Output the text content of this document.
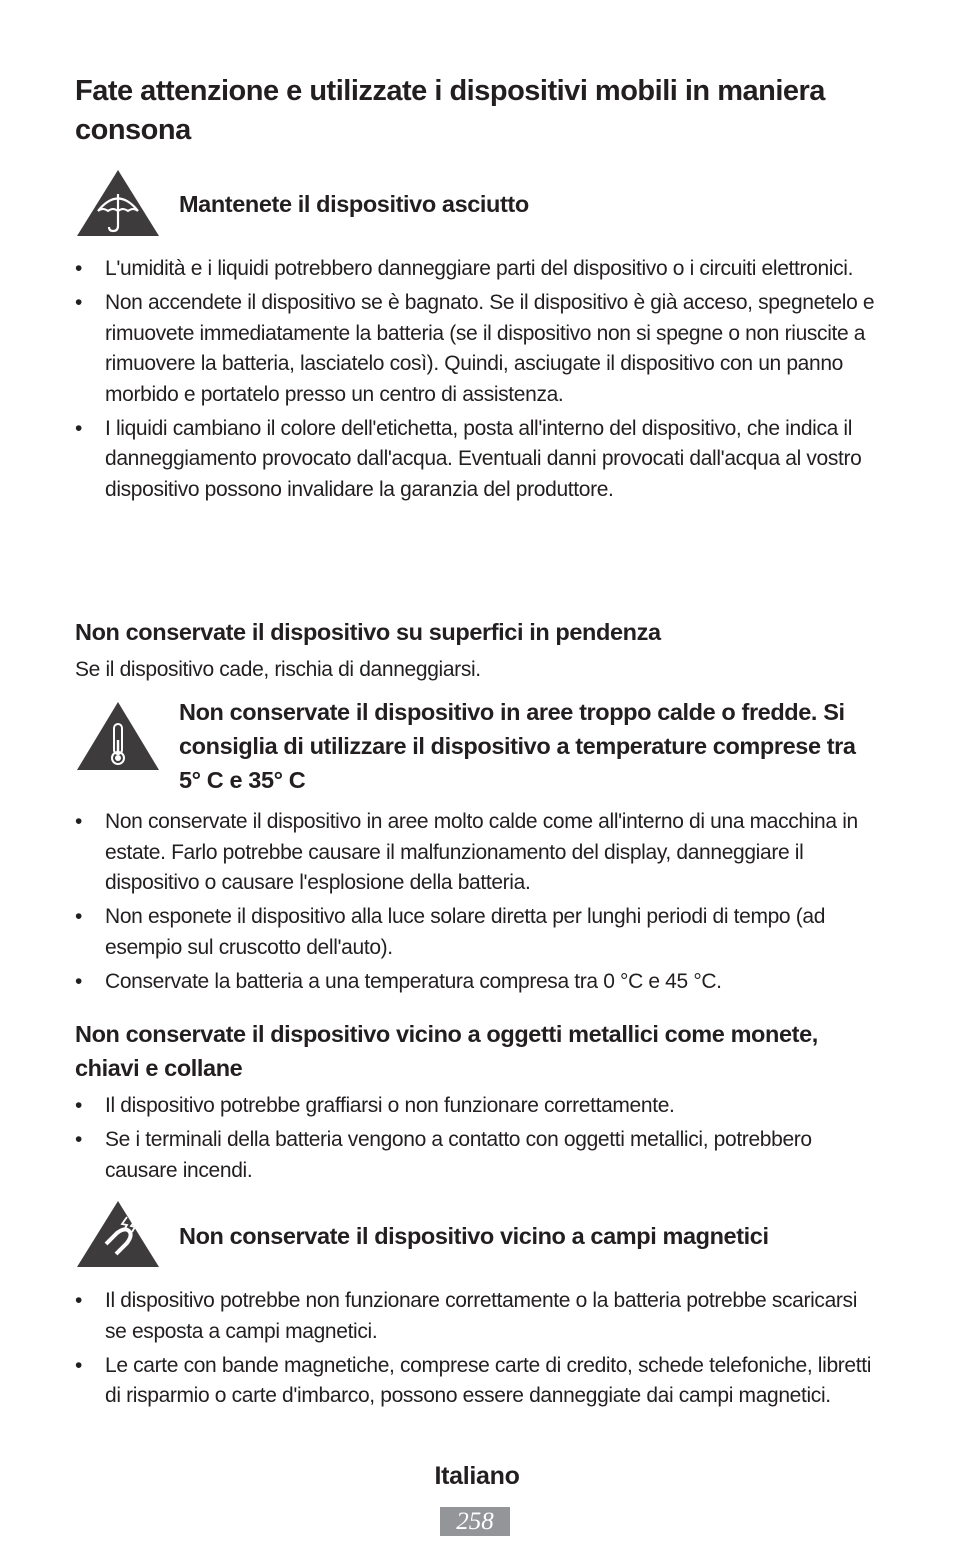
Fate attenzione e utilizzate i dispositivi mobili in maniera consona
Mantenete il dispositivo asciutto
• L'umidità e i liquidi potrebbero danneggiare parti del dispositivo o i circuiti elettronici.
• Non accendete il dispositivo se è bagnato. Se il dispositivo è già acceso, spegnetelo e rimuovete immediatamente la batteria (se il dispositivo non si spegne o non riuscite a rimuovere la batteria, lasciatelo così). Quindi, asciugate il dispositivo con un panno morbido e portatelo presso un centro di assistenza.
• I liquidi cambiano il colore dell'etichetta, posta all'interno del dispositivo, che indica il danneggiamento provocato dall'acqua. Eventuali danni provocati dall'acqua al vostro dispositivo possono invalidare la garanzia del produttore.
Non conservate il dispositivo su superfici in pendenza
Se il dispositivo cade, rischia di danneggiarsi.
Non conservate il dispositivo in aree troppo calde o fredde. Si consiglia di utilizzare il dispositivo a temperature comprese tra 5° C e 35° C
• Non conservate il dispositivo in aree molto calde come all'interno di una macchina in estate. Farlo potrebbe causare il malfunzionamento del display, danneggiare il dispositivo o causare l'esplosione della batteria.
• Non esponete il dispositivo alla luce solare diretta per lunghi periodi di tempo (ad esempio sul cruscotto dell'auto).
• Conservate la batteria a una temperatura compresa tra 0 °C e 45 °C.
Non conservate il dispositivo vicino a oggetti metallici come monete, chiavi e collane
• Il dispositivo potrebbe graffiarsi o non funzionare correttamente.
• Se i terminali della batteria vengono a contatto con oggetti metallici, potrebbero causare incendi.
Non conservate il dispositivo vicino a campi magnetici
• Il dispositivo potrebbe non funzionare correttamente o la batteria potrebbe scaricarsi se esposta a campi magnetici.
• Le carte con bande magnetiche, comprese carte di credito, schede telefoniche, libretti di risparmio o carte d'imbarco, possono essere danneggiate dai campi magnetici.
Italiano
258
